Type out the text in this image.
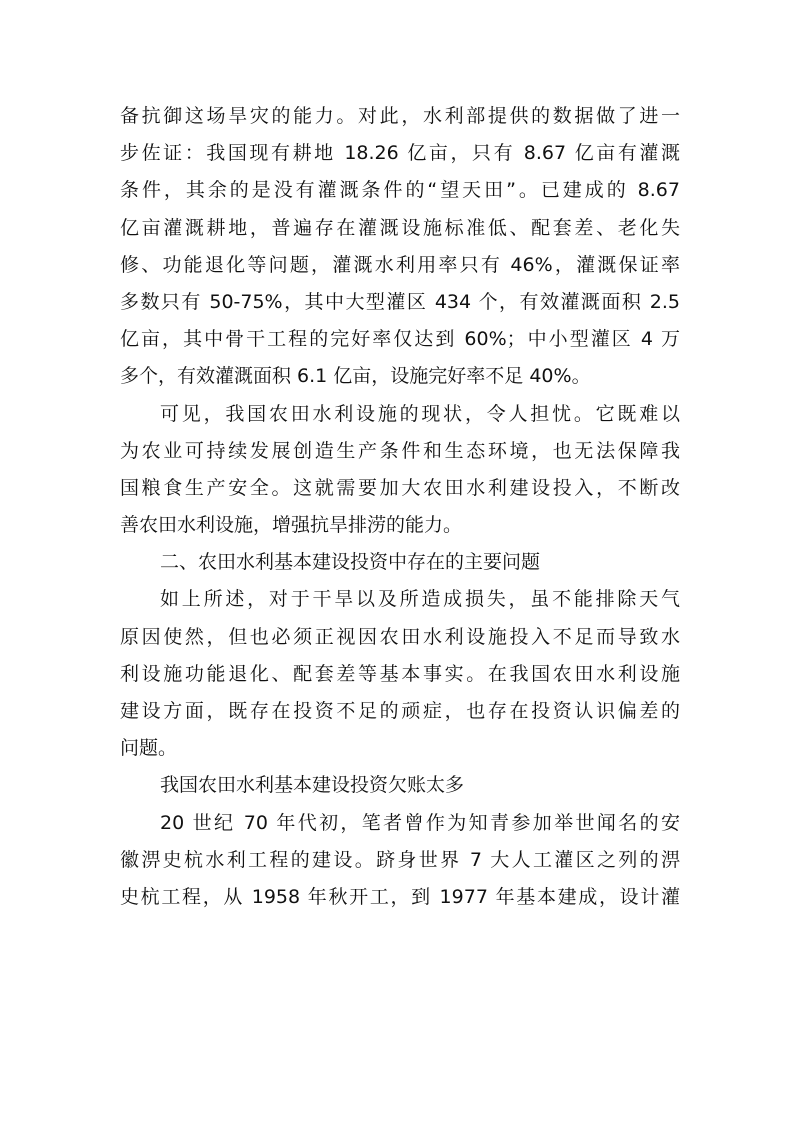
备抗御这场旱灾的能力。对此，水利部提供的数据做了进一
步佐证：我国现有耕地 18.26 亿亩，只有 8.67 亿亩有灌溉
条件，其余的是没有灌溉条件的“望天田”。已建成的 8.67
亿亩灌溉耕地，普遍存在灌溉设施标准低、配套差、老化失
修、功能退化等问题，灌溉水利用率只有 46%，灌溉保证率
多数只有 50-75%，其中大型灌区 434 个，有效灌溉面积 2.5
亿亩，其中骨干工程的完好率仅达到 60%；中小型灌区 4 万
多个，有效灌溉面积 6.1 亿亩，设施完好率不足 40%。
可见，我国农田水利设施的现状，令人担忧。它既难以
为农业可持续发展创造生产条件和生态环境，也无法保障我
国粮食生产安全。这就需要加大农田水利建设投入，不断改
善农田水利设施，增强抗旱排涝的能力。
二、农田水利基本建设投资中存在的主要问题
如上所述，对于干旱以及所造成损失，虽不能排除天气
原因使然，但也必须正视因农田水利设施投入不足而导致水
利设施功能退化、配套差等基本事实。在我国农田水利设施
建设方面，既存在投资不足的顽症，也存在投资认识偏差的
问题。
我国农田水利基本建设投资欠账太多
20 世纪 70 年代初，笔者曾作为知青参加举世闻名的安
徽淠史杭水利工程的建设。跻身世界 7 大人工灌区之列的淠
史杭工程，从 1958 年秋开工，到 1977 年基本建成，设计灌
